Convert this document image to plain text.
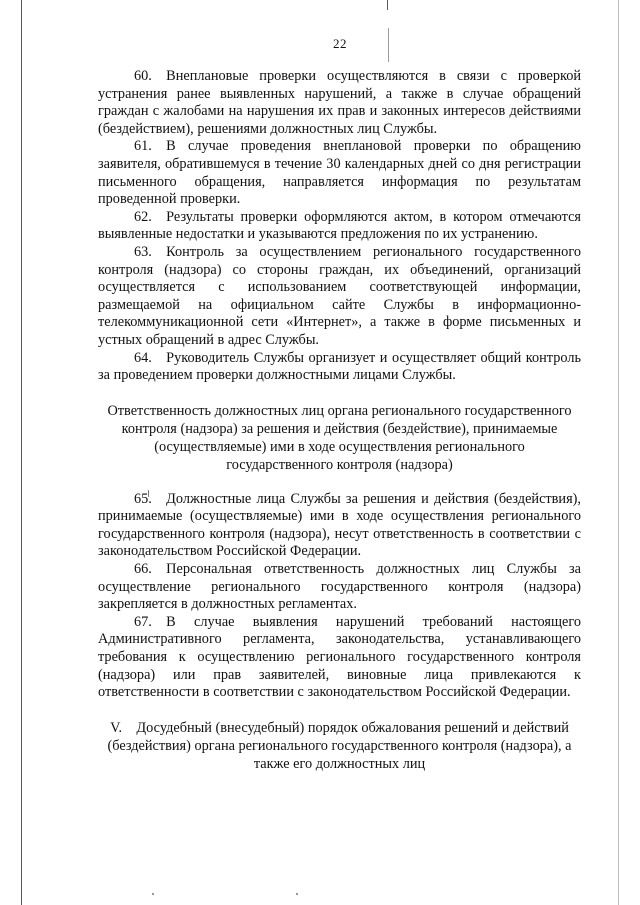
22

60. Внеплановые проверки осуществляются в связи с проверкой устранения ранее выявленных нарушений, а также в случае обращений граждан с жалобами на нарушения их прав и законных интересов действиями (бездействием), решениями должностных лиц Службы.

61. В случае проведения внеплановой проверки по обращению заявителя, обратившемуся в течение 30 календарных дней со дня регистрации письменного обращения, направляется информация по результатам проведенной проверки.

62. Результаты проверки оформляются актом, в котором отмечаются выявленные недостатки и указываются предложения по их устранению.

63. Контроль за осуществлением регионального государственного контроля (надзора) со стороны граждан, их объединений, организаций осуществляется с использованием соответствующей информации, размещаемой на официальном сайте Службы в информационно-телекоммуникационной сети «Интернет», а также в форме письменных и устных обращений в адрес Службы.

64. Руководитель Службы организует и осуществляет общий контроль за проведением проверки должностными лицами Службы.

Ответственность должностных лиц органа регионального государственного контроля (надзора) за решения и действия (бездействие), принимаемые (осуществляемые) ими в ходе осуществления регионального государственного контроля (надзора)

65. Должностные лица Службы за решения и действия (бездействия), принимаемые (осуществляемые) ими в ходе осуществления регионального государственного контроля (надзора), несут ответственность в соответствии с законодательством Российской Федерации.

66. Персональная ответственность должностных лиц Службы за осуществление регионального государственного контроля (надзора) закрепляется в должностных регламентах.

67. В случае выявления нарушений требований настоящего Административного регламента, законодательства, устанавливающего требования к осуществлению регионального государственного контроля (надзора) или прав заявителей, виновные лица привлекаются к ответственности в соответствии с законодательством Российской Федерации.

V. Досудебный (внесудебный) порядок обжалования решений и действий (бездействия) органа регионального государственного контроля (надзора), а также его должностных лиц
